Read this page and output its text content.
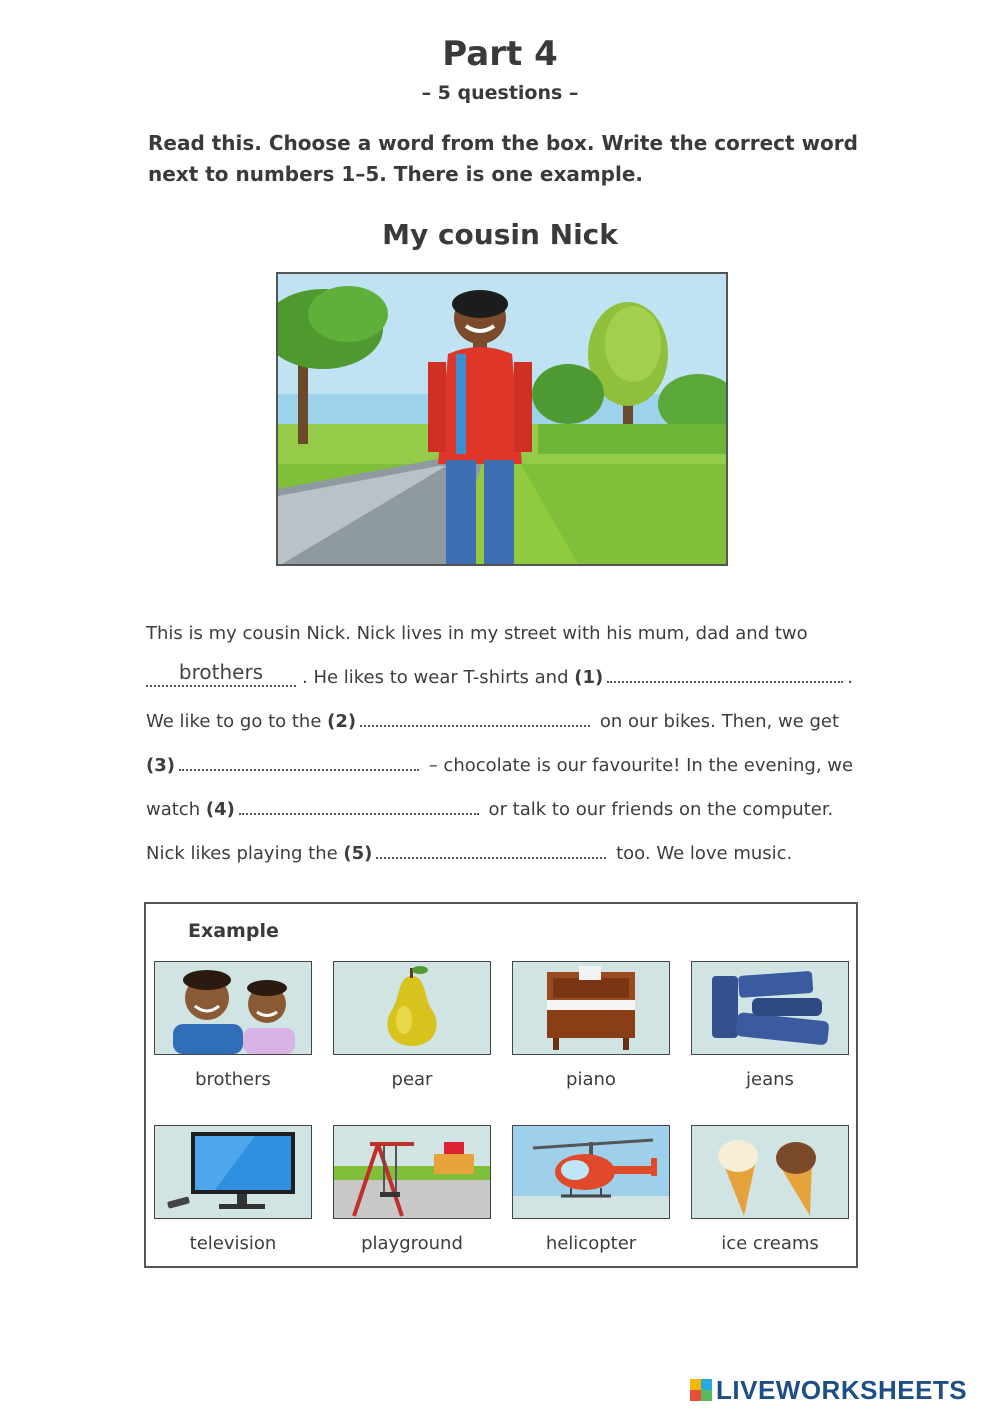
Part 4
– 5 questions –
Read this. Choose a word from the box. Write the correct word
next to numbers 1–5. There is one example.
My cousin Nick

This is my cousin Nick. Nick lives in my street with his mum, dad and two

brothers . He likes to wear T-shirts and (1)	.

We like to go to the (2)	on our bikes. Then, we get

(3)	– chocolate is our favourite! In the evening, we

watch (4)	or talk to our friends on the computer.

Nick likes playing the (5)	too. We love music.

Example
brothers	pear	piano	jeans
television	playground	helicopter	ice creams
LIVEWORKSHEETS
